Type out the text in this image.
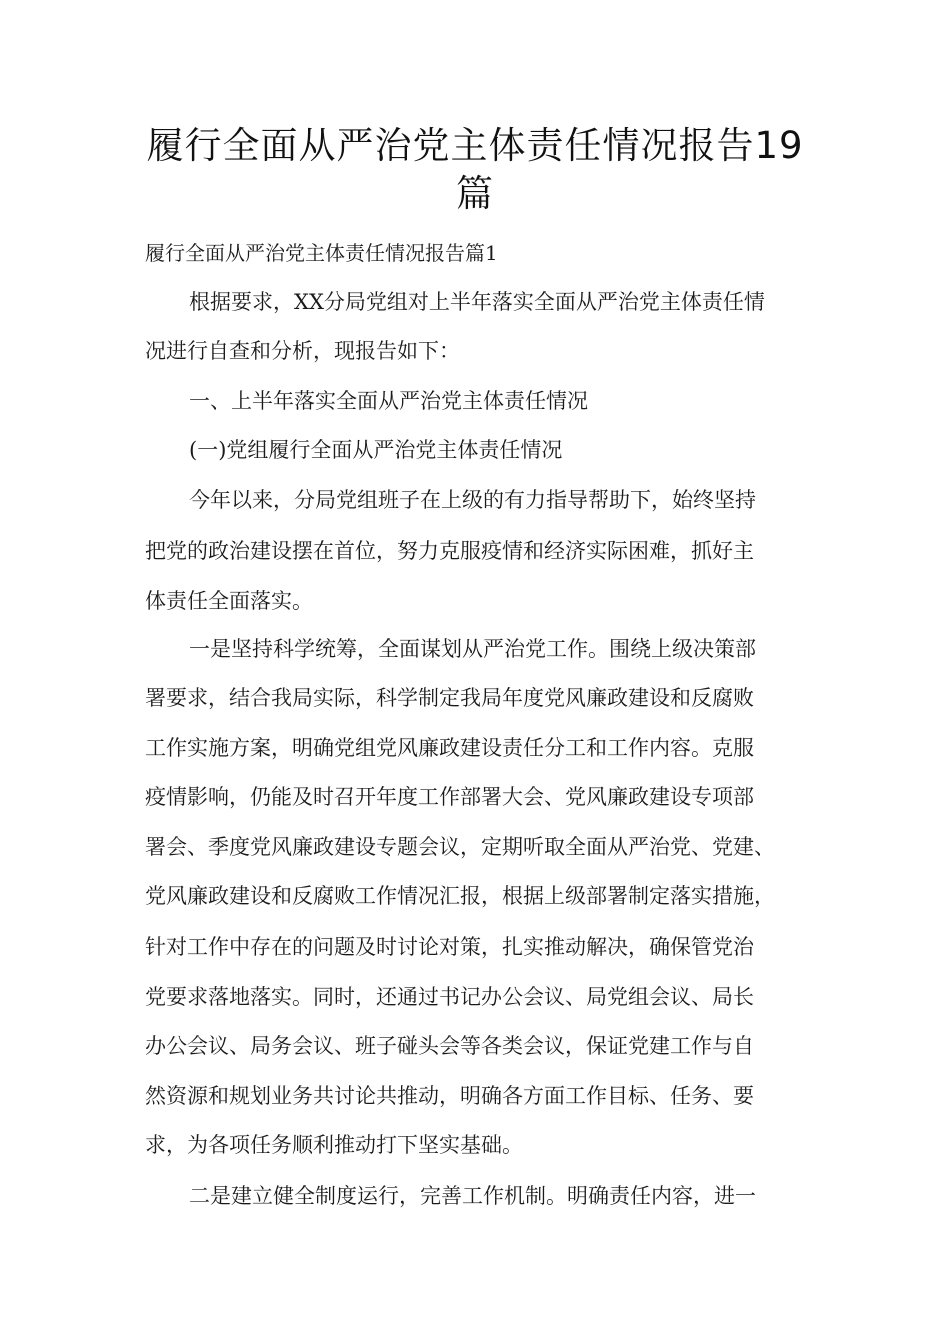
履行全面从严治党主体责任情况报告19
篇

履行全面从严治党主体责任情况报告篇1

根据要求，XX分局党组对上半年落实全面从严治党主体责任情

况进行自查和分析，现报告如下：

一、上半年落实全面从严治党主体责任情况

(一)党组履行全面从严治党主体责任情况

今年以来，分局党组班子在上级的有力指导帮助下，始终坚持

把党的政治建设摆在首位，努力克服疫情和经济实际困难，抓好主

体责任全面落实。

一是坚持科学统筹，全面谋划从严治党工作。围绕上级决策部

署要求，结合我局实际，科学制定我局年度党风廉政建设和反腐败

工作实施方案，明确党组党风廉政建设责任分工和工作内容。克服

疫情影响，仍能及时召开年度工作部署大会、党风廉政建设专项部

署会、季度党风廉政建设专题会议，定期听取全面从严治党、党建、

党风廉政建设和反腐败工作情况汇报，根据上级部署制定落实措施，

针对工作中存在的问题及时讨论对策，扎实推动解决，确保管党治

党要求落地落实。同时，还通过书记办公会议、局党组会议、局长

办公会议、局务会议、班子碰头会等各类会议，保证党建工作与自

然资源和规划业务共讨论共推动，明确各方面工作目标、任务、要

求，为各项任务顺利推动打下坚实基础。

二是建立健全制度运行，完善工作机制。明确责任内容，进一
